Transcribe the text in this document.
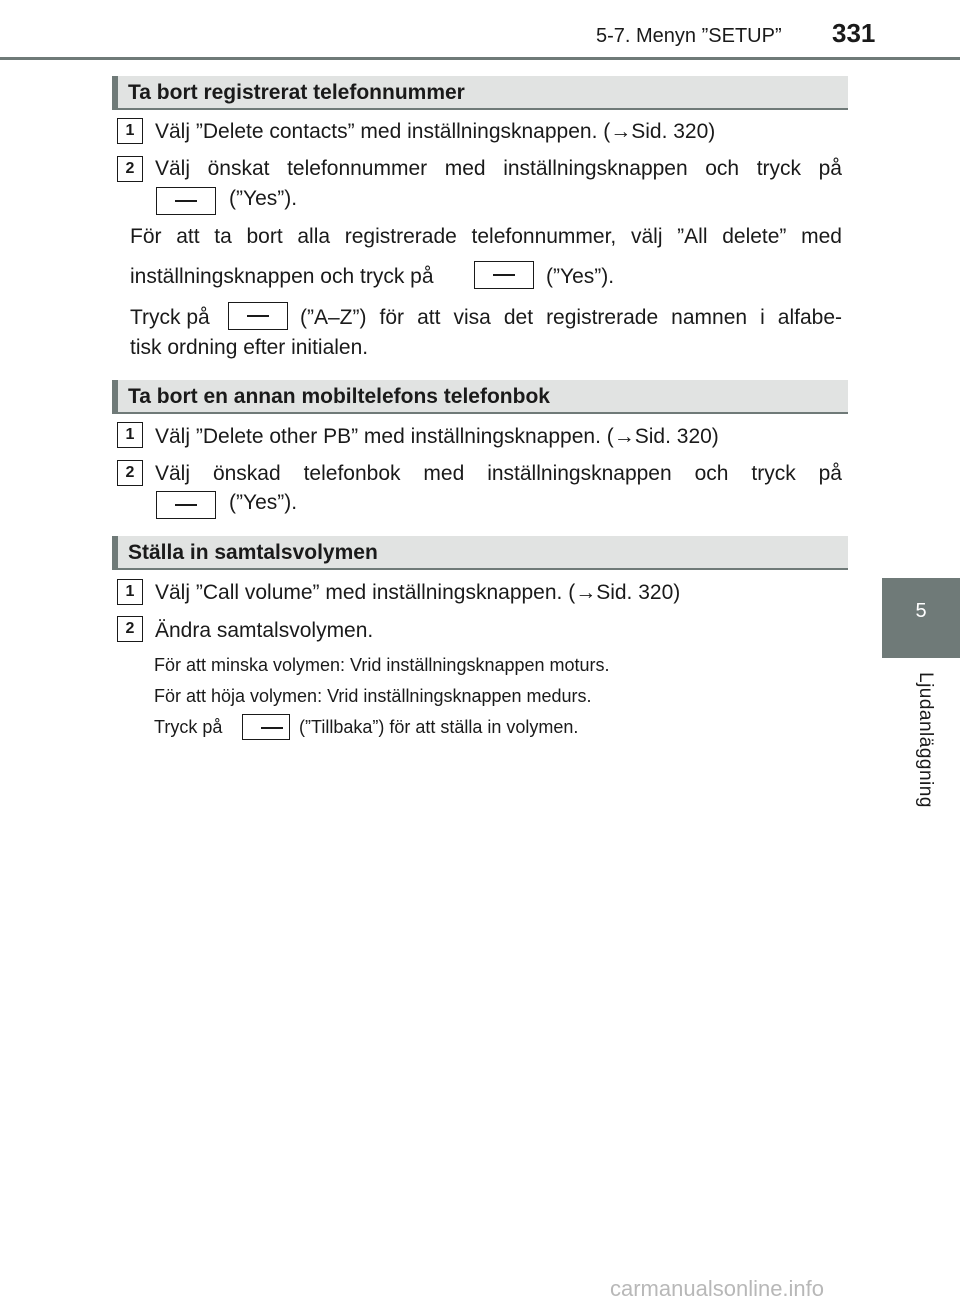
5-7. Menyn ”SETUP” 331
5
Ljudanläggning
Ta bort registrerat telefonnummer
1 Välj ”Delete contacts” med inställningsknappen. (→Sid. 320)
2 Välj önskat telefonnummer med inställningsknappen och tryck på
(”Yes”).
För att ta bort alla registrerade telefonnummer, välj ”All delete” med
inställningsknappen och tryck på	(”Yes”).
Tryck på	(”A–Z”) för att visa det registrerade namnen i alfabe-
tisk ordning efter initialen.
Ta bort en annan mobiltelefons telefonbok
1 Välj ”Delete other PB” med inställningsknappen. (→Sid. 320)
2 Välj önskad telefonbok med inställningsknappen och tryck på
(”Yes”).
Ställa in samtalsvolymen
1 Välj ”Call volume” med inställningsknappen. (→Sid. 320)
2 Ändra samtalsvolymen.
För att minska volymen: Vrid inställningsknappen moturs.
För att höja volymen: Vrid inställningsknappen medurs.
Tryck på	(”Tillbaka”) för att ställa in volymen.
carmanualsonline.info
